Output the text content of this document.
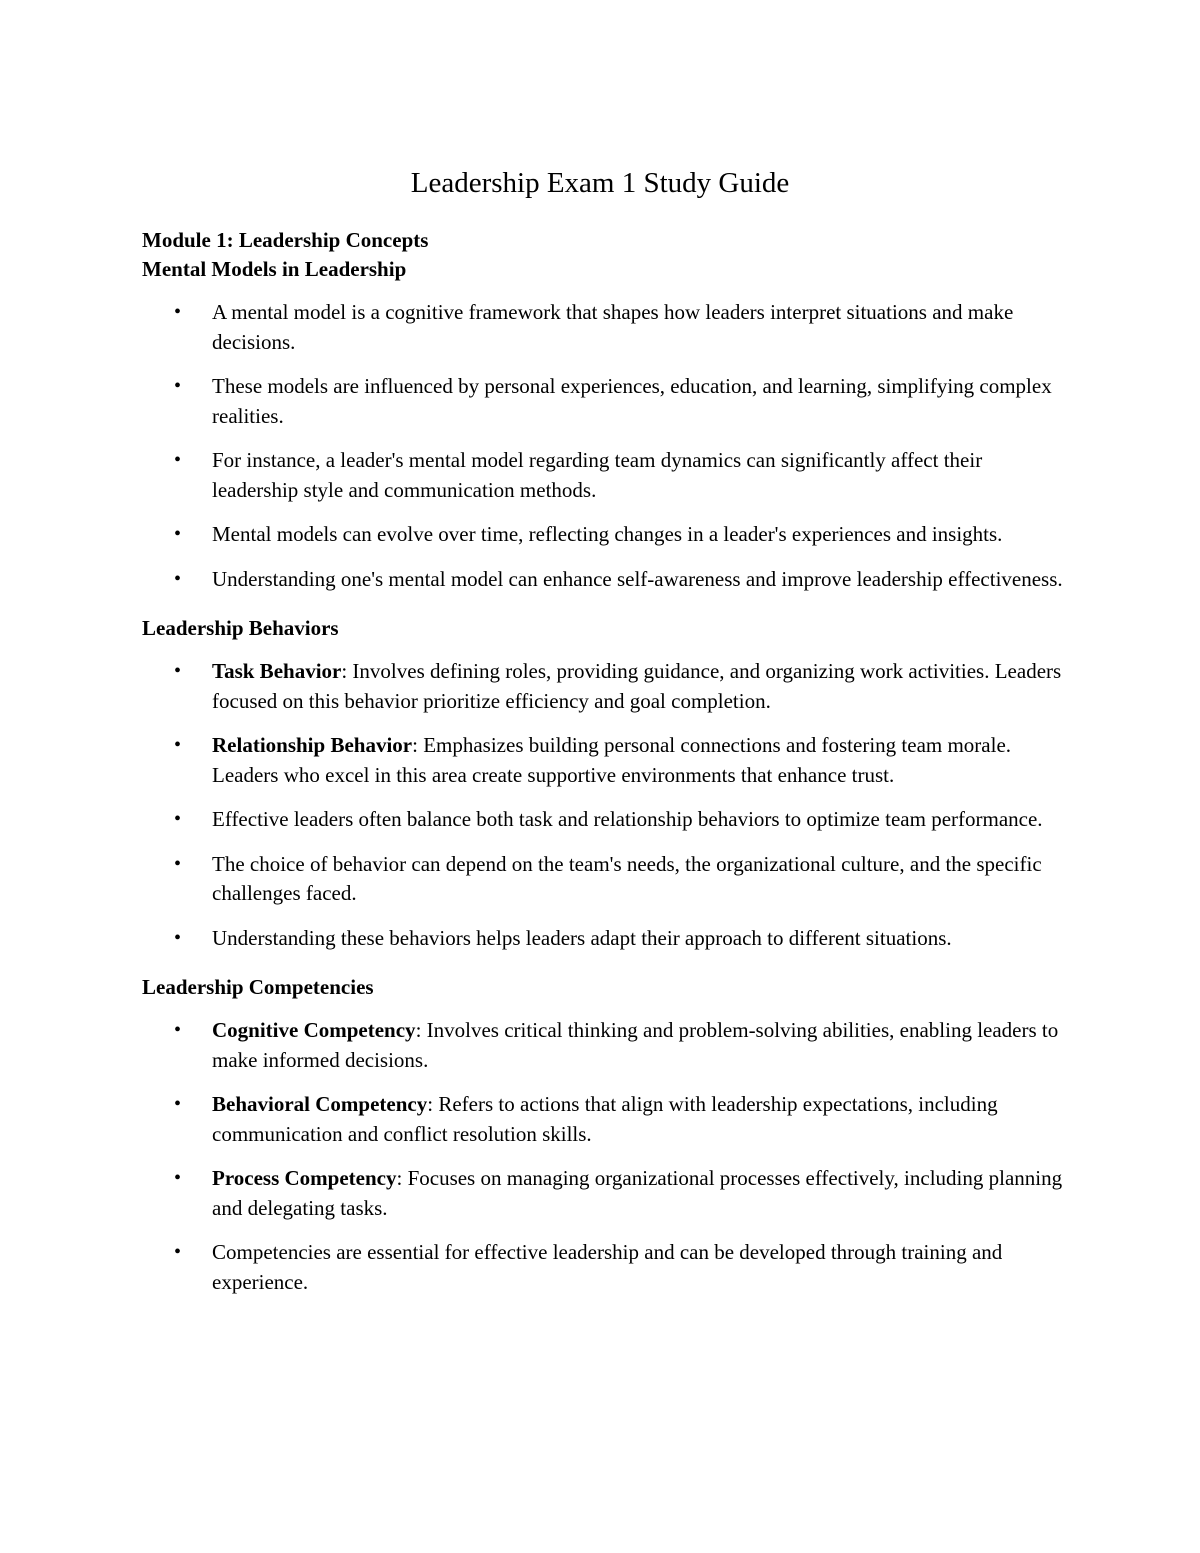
Leadership Exam 1 Study Guide

Module 1: Leadership Concepts

Mental Models in Leadership

• A mental model is a cognitive framework that shapes how leaders interpret situations and make decisions.
• These models are influenced by personal experiences, education, and learning, simplifying complex realities.
• For instance, a leader's mental model regarding team dynamics can significantly affect their leadership style and communication methods.
• Mental models can evolve over time, reflecting changes in a leader's experiences and insights.
• Understanding one's mental model can enhance self-awareness and improve leadership effectiveness.

Leadership Behaviors

• Task Behavior: Involves defining roles, providing guidance, and organizing work activities. Leaders focused on this behavior prioritize efficiency and goal completion.
• Relationship Behavior: Emphasizes building personal connections and fostering team morale. Leaders who excel in this area create supportive environments that enhance trust.
• Effective leaders often balance both task and relationship behaviors to optimize team performance.
• The choice of behavior can depend on the team's needs, the organizational culture, and the specific challenges faced.
• Understanding these behaviors helps leaders adapt their approach to different situations.

Leadership Competencies

• Cognitive Competency: Involves critical thinking and problem-solving abilities, enabling leaders to make informed decisions.
• Behavioral Competency: Refers to actions that align with leadership expectations, including communication and conflict resolution skills.
• Process Competency: Focuses on managing organizational processes effectively, including planning and delegating tasks.
• Competencies are essential for effective leadership and can be developed through training and experience.
